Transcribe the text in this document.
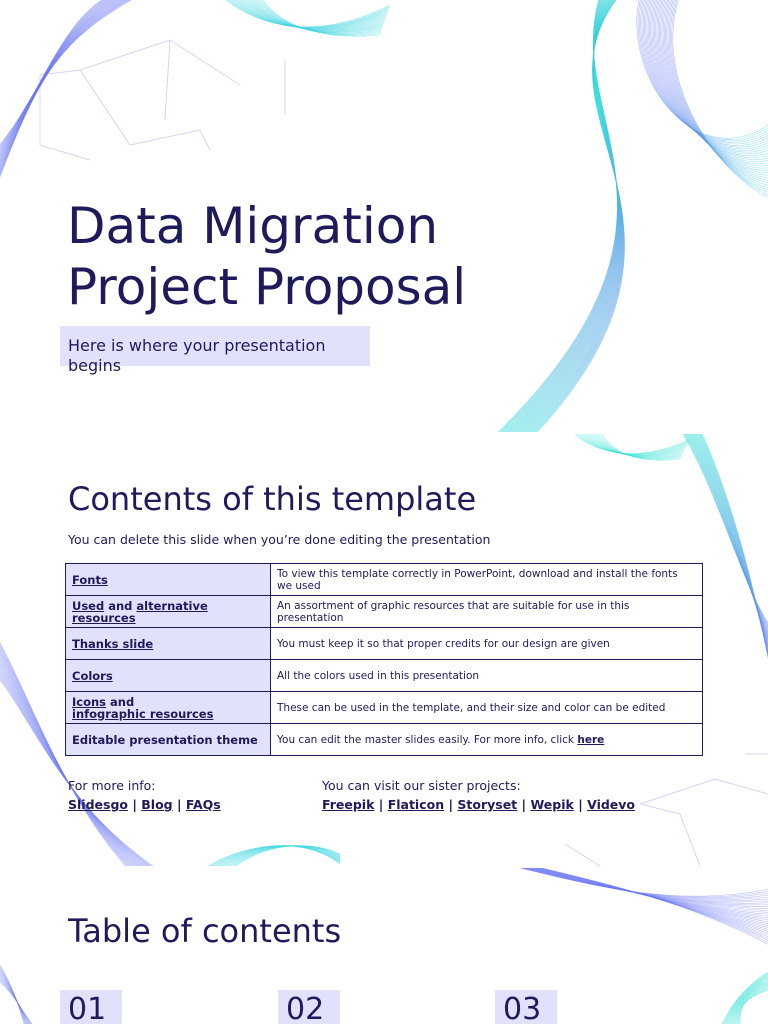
Data Migration
Project Proposal
Here is where your presentation begins
Contents of this template
You can delete this slide when you’re done editing the presentation
Fonts	To view this template correctly in PowerPoint, download and install the fonts we used
Used and alternative resources	An assortment of graphic resources that are suitable for use in this presentation
Thanks slide	You must keep it so that proper credits for our design are given
Colors	All the colors used in this presentation
Icons and
infographic resources	These can be used in the template, and their size and color can be edited
Editable presentation theme	You can edit the master slides easily. For more info, click here
For more info:
Slidesgo | Blog | FAQs
You can visit our sister projects:
Freepik | Flaticon | Storyset | Wepik | Videvo
Table of contents
01	02	03
